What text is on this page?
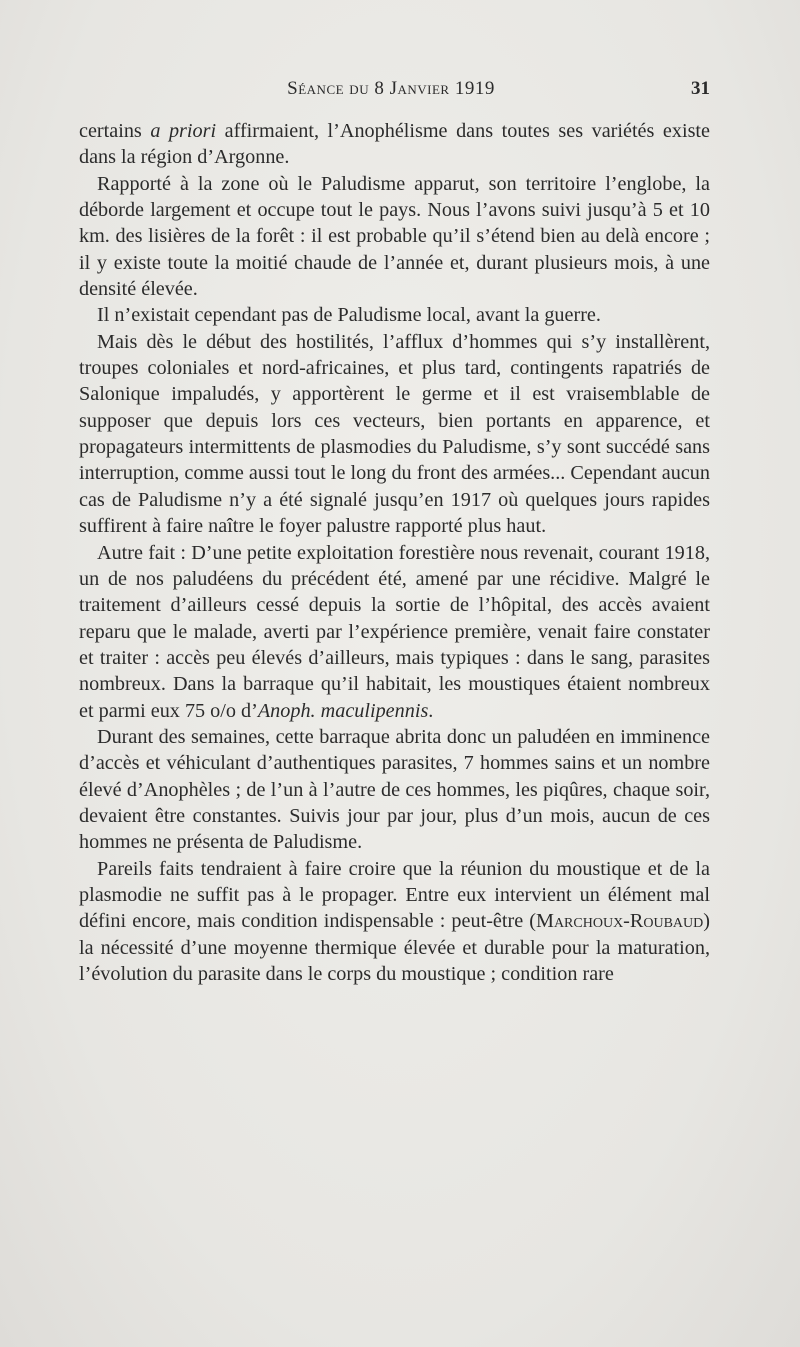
Séance du 8 Janvier 1919	31

certains a priori affirmaient, l’Anophélisme dans toutes ses variétés existe dans la région d’Argonne.

Rapporté à la zone où le Paludisme apparut, son territoire l’englobe, la déborde largement et occupe tout le pays. Nous l’avons suivi jusqu’à 5 et 10 km. des lisières de la forêt : il est probable qu’il s’étend bien au delà encore ; il y existe toute la moitié chaude de l’année et, durant plusieurs mois, à une densité élevée.

Il n’existait cependant pas de Paludisme local, avant la guerre.

Mais dès le début des hostilités, l’afflux d’hommes qui s’y installèrent, troupes coloniales et nord-africaines, et plus tard, contingents rapatriés de Salonique impaludés, y apportèrent le germe et il est vraisemblable de supposer que depuis lors ces vecteurs, bien portants en apparence, et propagateurs intermittents de plasmodies du Paludisme, s’y sont succédé sans interruption, comme aussi tout le long du front des armées... Cependant aucun cas de Paludisme n’y a été signalé jusqu’en 1917 où quelques jours rapides suffirent à faire naître le foyer palustre rapporté plus haut.

Autre fait : D’une petite exploitation forestière nous revenait, courant 1918, un de nos paludéens du précédent été, amené par une récidive. Malgré le traitement d’ailleurs cessé depuis la sortie de l’hôpital, des accès avaient reparu que le malade, averti par l’expérience première, venait faire constater et traiter : accès peu élevés d’ailleurs, mais typiques : dans le sang, parasites nombreux. Dans la barraque qu’il habitait, les moustiques étaient nombreux et parmi eux 75 o/o d’Anoph. maculipennis.

Durant des semaines, cette barraque abrita donc un paludéen en imminence d’accès et véhiculant d’authentiques parasites, 7 hommes sains et un nombre élevé d’Anophèles ; de l’un à l’autre de ces hommes, les piqûres, chaque soir, devaient être constantes. Suivis jour par jour, plus d’un mois, aucun de ces hommes ne présenta de Paludisme.

Pareils faits tendraient à faire croire que la réunion du moustique et de la plasmodie ne suffit pas à le propager. Entre eux intervient un élément mal défini encore, mais condition indispensable : peut-être (Marchoux-Roubaud) la nécessité d’une moyenne thermique élevée et durable pour la maturation, l’évolution du parasite dans le corps du moustique ; condition rare
